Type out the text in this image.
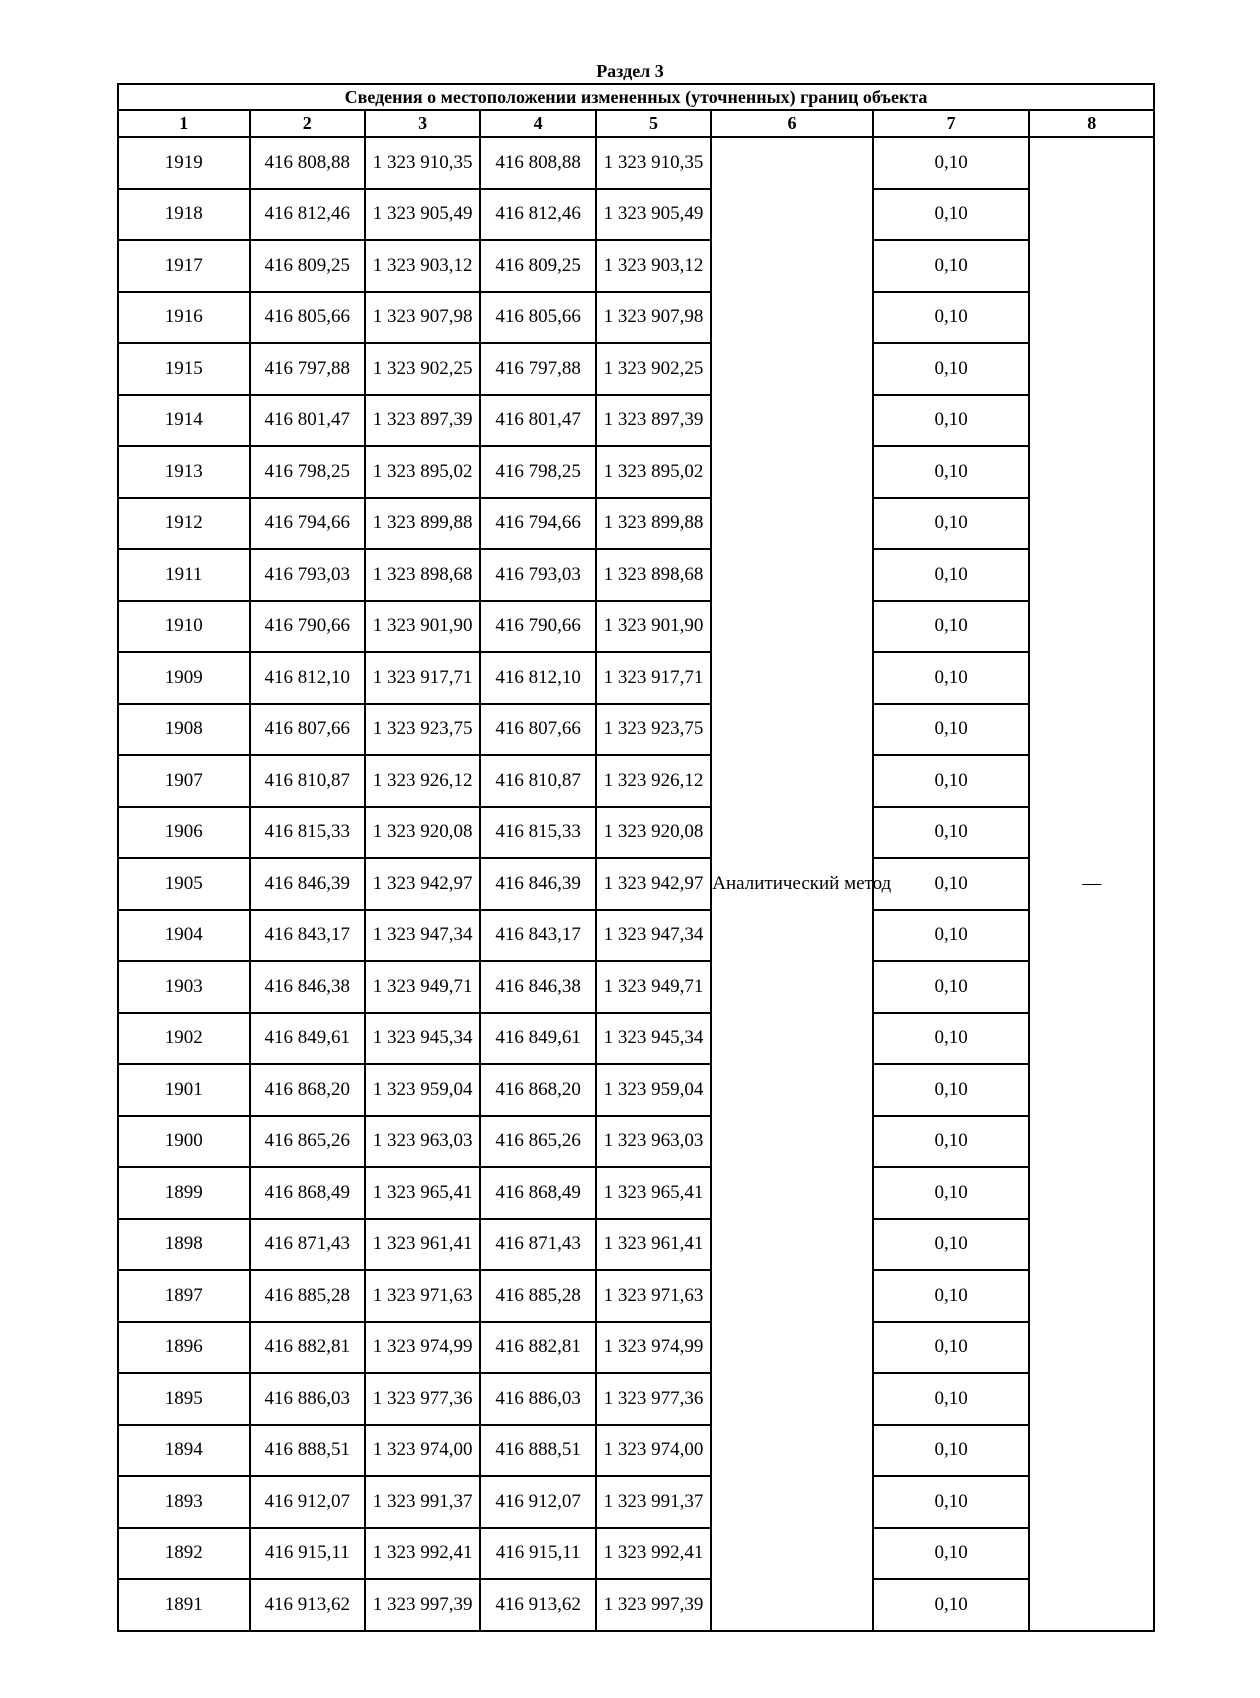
Раздел 3
Сведения о местоположении измененных (уточненных) границ объекта							
1	2	3	4	5	6	7	8
1919	416 808,88	1 323 910,35	416 808,88	1 323 910,35	Аналитический метод	0,10	—
1918	416 812,46	1 323 905,49	416 812,46	1 323 905,49		0,10	
1917	416 809,25	1 323 903,12	416 809,25	1 323 903,12		0,10	
1916	416 805,66	1 323 907,98	416 805,66	1 323 907,98		0,10	
1915	416 797,88	1 323 902,25	416 797,88	1 323 902,25		0,10	
1914	416 801,47	1 323 897,39	416 801,47	1 323 897,39		0,10	
1913	416 798,25	1 323 895,02	416 798,25	1 323 895,02		0,10	
1912	416 794,66	1 323 899,88	416 794,66	1 323 899,88		0,10	
1911	416 793,03	1 323 898,68	416 793,03	1 323 898,68		0,10	
1910	416 790,66	1 323 901,90	416 790,66	1 323 901,90		0,10	
1909	416 812,10	1 323 917,71	416 812,10	1 323 917,71		0,10	
1908	416 807,66	1 323 923,75	416 807,66	1 323 923,75		0,10	
1907	416 810,87	1 323 926,12	416 810,87	1 323 926,12		0,10	
1906	416 815,33	1 323 920,08	416 815,33	1 323 920,08		0,10	
1905	416 846,39	1 323 942,97	416 846,39	1 323 942,97		0,10	
1904	416 843,17	1 323 947,34	416 843,17	1 323 947,34		0,10	
1903	416 846,38	1 323 949,71	416 846,38	1 323 949,71		0,10	
1902	416 849,61	1 323 945,34	416 849,61	1 323 945,34		0,10	
1901	416 868,20	1 323 959,04	416 868,20	1 323 959,04		0,10	
1900	416 865,26	1 323 963,03	416 865,26	1 323 963,03		0,10	
1899	416 868,49	1 323 965,41	416 868,49	1 323 965,41		0,10	
1898	416 871,43	1 323 961,41	416 871,43	1 323 961,41		0,10	
1897	416 885,28	1 323 971,63	416 885,28	1 323 971,63		0,10	
1896	416 882,81	1 323 974,99	416 882,81	1 323 974,99		0,10	
1895	416 886,03	1 323 977,36	416 886,03	1 323 977,36		0,10	
1894	416 888,51	1 323 974,00	416 888,51	1 323 974,00		0,10	
1893	416 912,07	1 323 991,37	416 912,07	1 323 991,37		0,10	
1892	416 915,11	1 323 992,41	416 915,11	1 323 992,41		0,10	
1891	416 913,62	1 323 997,39	416 913,62	1 323 997,39		0,10	
